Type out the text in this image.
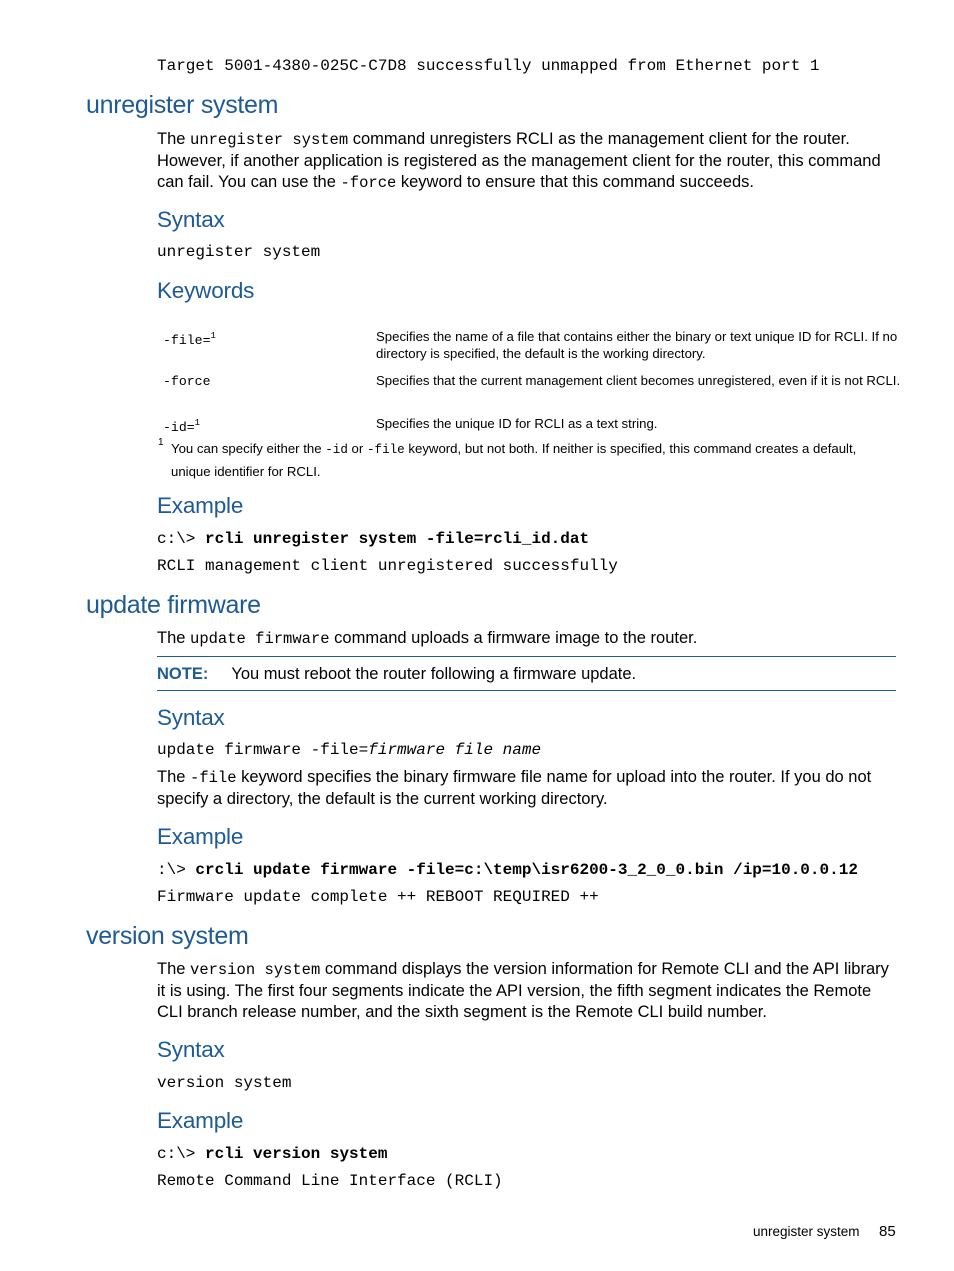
Target 5001-4380-025C-C7D8 successfully unmapped from Ethernet port 1
unregister system
The unregister system command unregisters RCLI as the management client for the router. However, if another application is registered as the management client for the router, this command can fail. You can use the -force keyword to ensure that this command succeeds.
Syntax
unregister system
Keywords
-file=$^1$	Specifies the name of a file that contains either the binary or text unique ID for RCLI. If no directory is specified, the default is the working directory.
-force	Specifies that the current management client becomes unregistered, even if it is not RCLI.
-id=$^1$	Specifies the unique ID for RCLI as a text string.
1 You can specify either the -id or -file keyword, but not both. If neither is specified, this command creates a default, unique identifier for RCLI.
Example
c:\> rcli unregister system -file=rcli_id.dat
RCLI management client unregistered successfully
update firmware
The update firmware command uploads a firmware image to the router.
NOTE: You must reboot the router following a firmware update.
Syntax
update firmware -file=firmware file name
The -file keyword specifies the binary firmware file name for upload into the router. If you do not specify a directory, the default is the current working directory.
Example
:\> crcli update firmware -file=c:\temp\isr6200-3_2_0_0.bin /ip=10.0.0.12
Firmware update complete ++ REBOOT REQUIRED ++
version system
The version system command displays the version information for Remote CLI and the API library it is using. The first four segments indicate the API version, the fifth segment indicates the Remote CLI branch release number, and the sixth segment is the Remote CLI build number.
Syntax
version system
Example
c:\> rcli version system
Remote Command Line Interface (RCLI)
unregister system 85
